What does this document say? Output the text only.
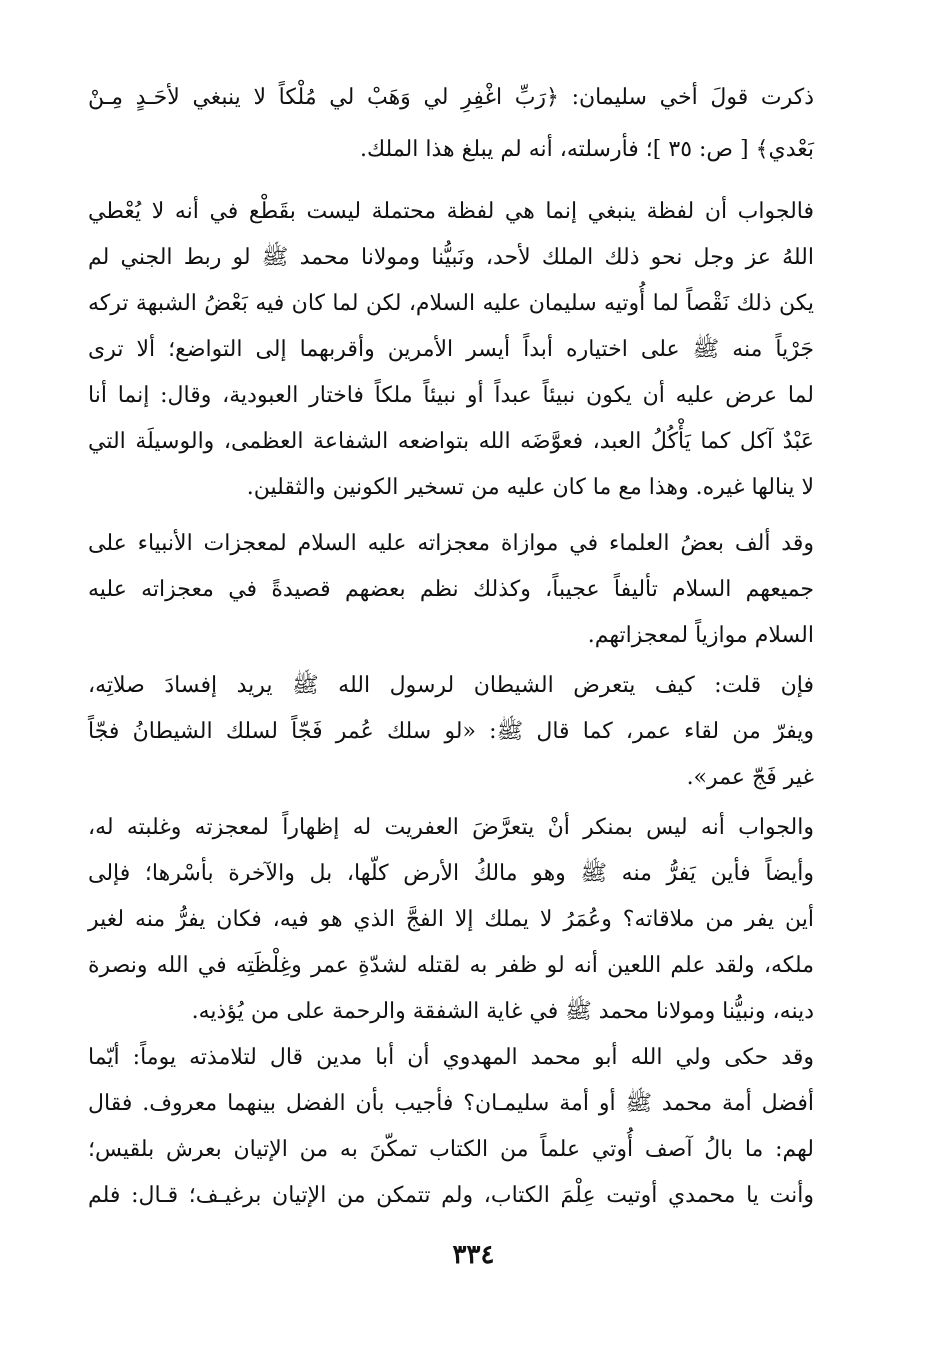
ذكرت قولَ أخي سليمان: ﴿رَبِّ اغْفِرِ لي وَهَبْ لي مُلْكاً لا ينبغي لأحَـدٍ مِـنْ
بَعْدي﴾ [ ص: ٣٥ ]؛ فأرسلته، أنه لم يبلغ هذا الملك.
فالجواب أن لفظة ينبغي إنما هي لفظة محتملة ليست بقَطْع في أنه لا يُعْطي
اللهُ عز وجل نحو ذلك الملك لأحد، ونَبيُّنا ومولانا محمد ﷺ لو ربط الجني لم
يكن ذلك نَقْصاً لما أُوتيه سليمان عليه السلام، لكن لما كان فيه بَعْضُ الشبهة تركه
جَرْياً منه ﷺ على اختياره أبداً أيسر الأمرين وأقربهما إلى التواضع؛ ألا ترى
لما عرض عليه أن يكون نبيئاً عبداً أو نبيئاً ملكاً فاختار العبودية، وقال: إنما أنا
عَبْدٌ آكل كما يَأْكُلُ العبد، فعوَّضَه الله بتواضعه الشفاعة العظمى، والوسيلَة التي
لا ينالها غيره. وهذا مع ما كان عليه من تسخير الكونين والثقلين.
وقد ألف بعضُ العلماء في موازاة معجزاته عليه السلام لمعجزات الأنبياء على
جميعهم السلام تأليفاً عجيباً، وكذلك نظم بعضهم قصيدةً في معجزاته عليه
السلام موازياً لمعجزاتهم.
فإن قلت: كيف يتعرض الشيطان لرسول الله ﷺ يريد إفسادَ صلاتِه،
ويفرّ من لقاء عمر، كما قال ﷺ: «لو سلك عُمر فَجّاً لسلك الشيطانُ فجّاً
غير فَجّ عمر».
والجواب أنه ليس بمنكر أنْ يتعرَّضَ العفريت له إظهاراً لمعجزته وغلبته له،
وأيضاً فأين يَفرُّ منه ﷺ وهو مالكُ الأرض كلّها، بل والآخرة بأسْرها؛ فإلى
أين يفر من ملاقاته؟ وعُمَرُ لا يملك إلا الفجَّ الذي هو فيه، فكان يفرُّ منه لغير
ملكه، ولقد علم اللعين أنه لو ظفر به لقتله لشدّةِ عمر وغِلْظَتِه في الله ونصرة
دينه، ونبيُّنا ومولانا محمد ﷺ في غاية الشفقة والرحمة على من يُؤذيه.
وقد حكى ولي الله أبو محمد المهدوي أن أبا مدين قال لتلامذته يوماً: أيّما
أفضل أمة محمد ﷺ أو أمة سليمـان؟ فأجيب بأن الفضل بينهما معروف. فقال
لهم: ما بالُ آصف أُوتي علماً من الكتاب تمكّنَ به من الإتيان بعرش بلقيس؛
وأنت يا محمدي أوتيت عِلْمَ الكتاب، ولم تتمكن من الإتيان برغيـف؛ قـال: فلم
٣٣٤
